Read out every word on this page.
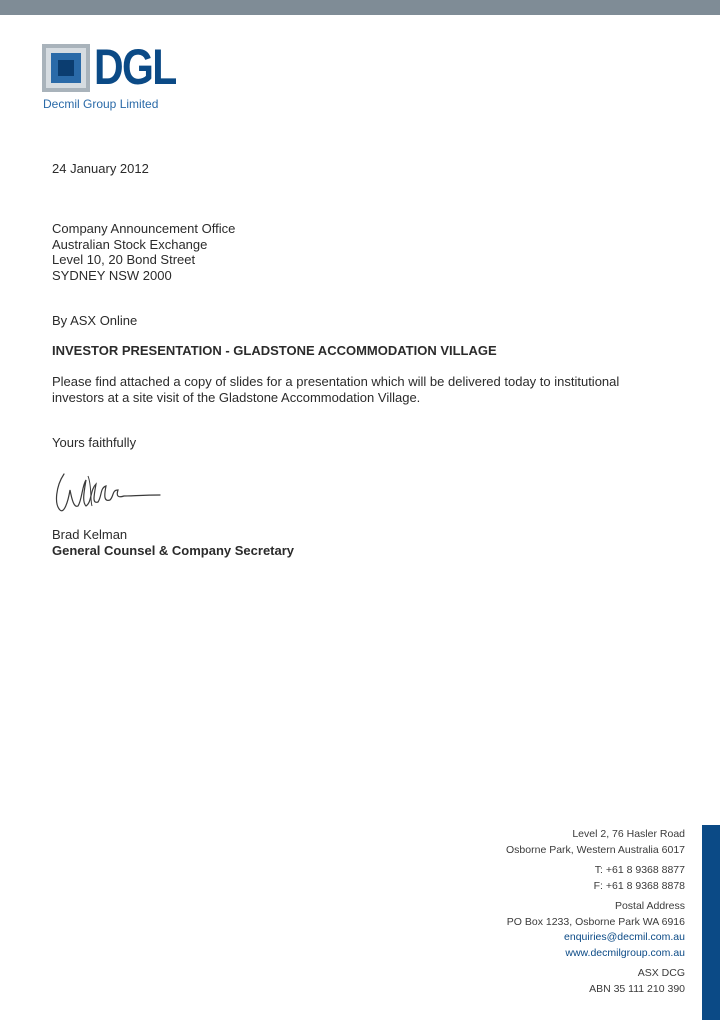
DGL
Decmil Group Limited
24 January 2012
Company Announcement Office
Australian Stock Exchange
Level 10, 20 Bond Street
SYDNEY NSW 2000
By ASX Online
INVESTOR PRESENTATION - GLADSTONE ACCOMMODATION VILLAGE
Please find attached a copy of slides for a presentation which will be delivered today to institutional investors at a site visit of the Gladstone Accommodation Village.
Yours faithfully
Brad Kelman
General Counsel & Company Secretary
Level 2, 76 Hasler Road
Osborne Park, Western Australia 6017
T: +61 8 9368 8877
F: +61 8 9368 8878
Postal Address
PO Box 1233, Osborne Park WA 6916
enquiries@decmil.com.au
www.decmilgroup.com.au
ASX DCG
ABN 35 111 210 390
